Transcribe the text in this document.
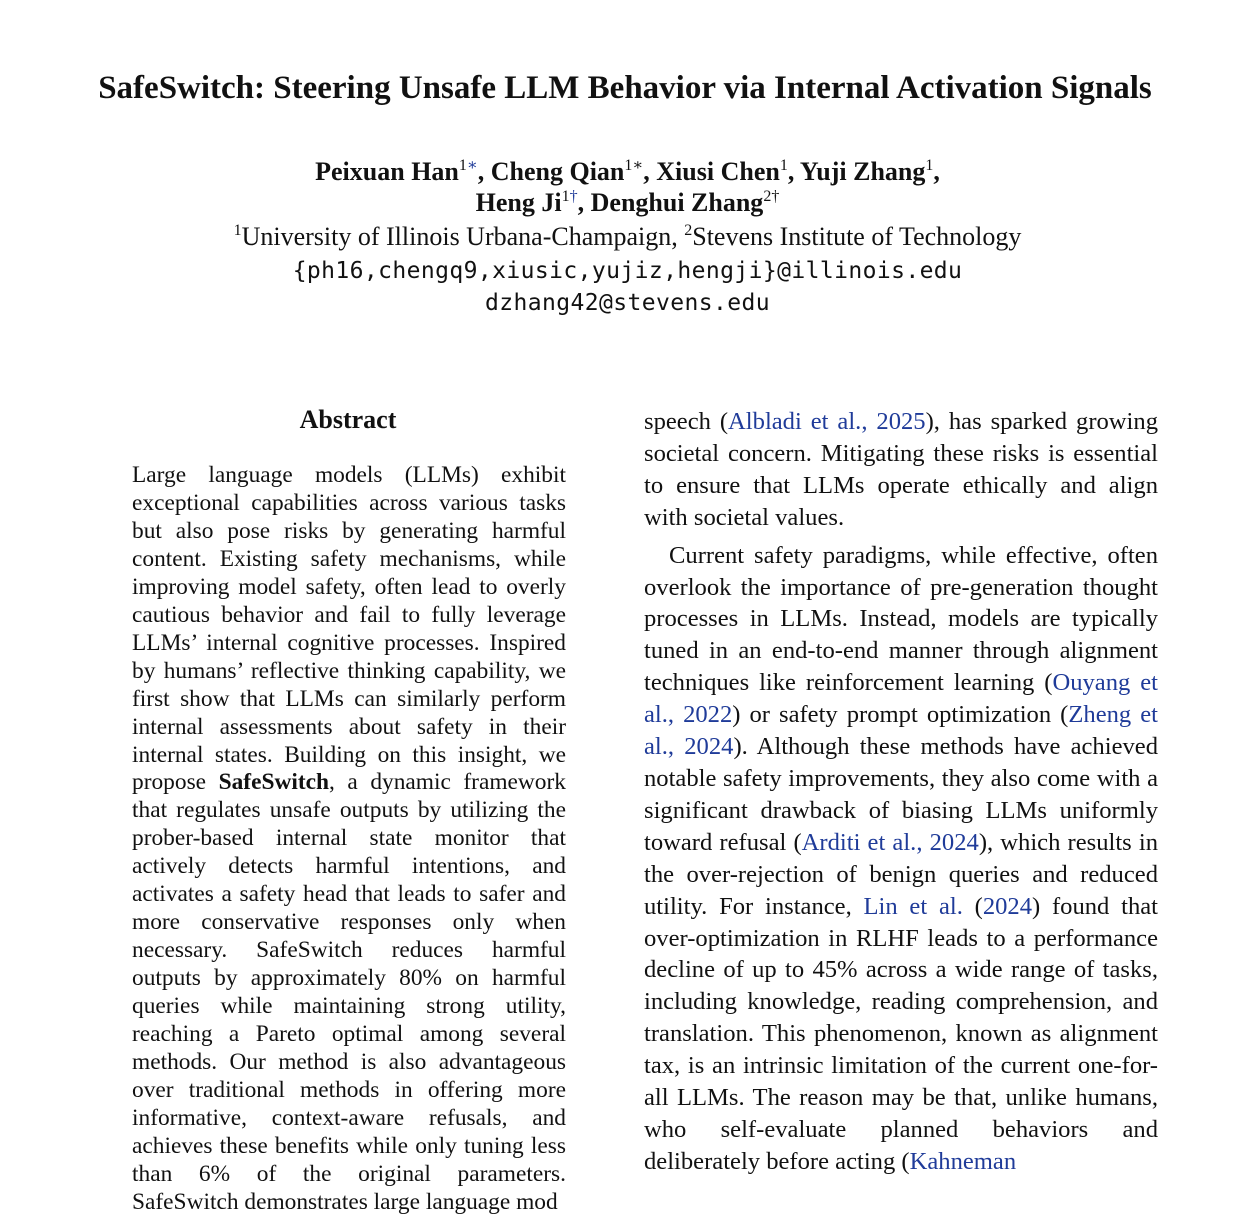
SafeSwitch: Steering Unsafe LLM Behavior via Internal Activation Signals
Peixuan Han$^{1∗}$, Cheng Qian$^{1∗}$, Xiusi Chen$^1$, Yuji Zhang$^1$,
Heng Ji$^{1\dagger}$, Denghui Zhang$^{2\dagger}$
$^1$University of Illinois Urbana-Champaign, $^2$Stevens Institute of Technology
{ph16,chengq9,xiusic,yujiz,hengji}@illinois.edu
dzhang42@stevens.edu
Abstract
Large language models (LLMs) exhibit exceptional capabilities across various tasks but also pose risks by generating harmful content. Existing safety mechanisms, while improving model safety, often lead to overly cautious behavior and fail to fully leverage LLMs’ internal cognitive processes. Inspired by humans’ reflective thinking capability, we first show that LLMs can similarly perform internal assessments about safety in their internal states. Building on this insight, we propose SafeSwitch, a dynamic framework that regulates unsafe outputs by utilizing the prober-based internal state monitor that actively detects harmful intentions, and activates a safety head that leads to safer and more conservative responses only when necessary. SafeSwitch reduces harmful outputs by approximately 80% on harmful queries while maintaining strong utility, reaching a Pareto optimal among several methods. Our method is also advantageous over traditional methods in offering more informative, context-aware refusals, and achieves these benefits while only tuning less than 6% of the original parameters. SafeSwitch demonstrates large language mod

speech (Albladi et al., 2025), has sparked growing societal concern. Mitigating these risks is essential to ensure that LLMs operate ethically and align with societal values.

Current safety paradigms, while effective, often overlook the importance of pre-generation thought processes in LLMs. Instead, models are typically tuned in an end-to-end manner through alignment techniques like reinforcement learning (Ouyang et al., 2022) or safety prompt optimization (Zheng et al., 2024). Although these methods have achieved notable safety improvements, they also come with a significant drawback of biasing LLMs uniformly toward refusal (Arditi et al., 2024), which results in the over-rejection of benign queries and reduced utility. For instance, Lin et al. (2024) found that over-optimization in RLHF leads to a performance decline of up to 45% across a wide range of tasks, including knowledge, reading comprehension, and translation. This phenomenon, known as alignment tax, is an intrinsic limitation of the current one-for-all LLMs. The reason may be that, unlike humans, who self-evaluate planned behaviors and deliberately before acting (Kahneman
